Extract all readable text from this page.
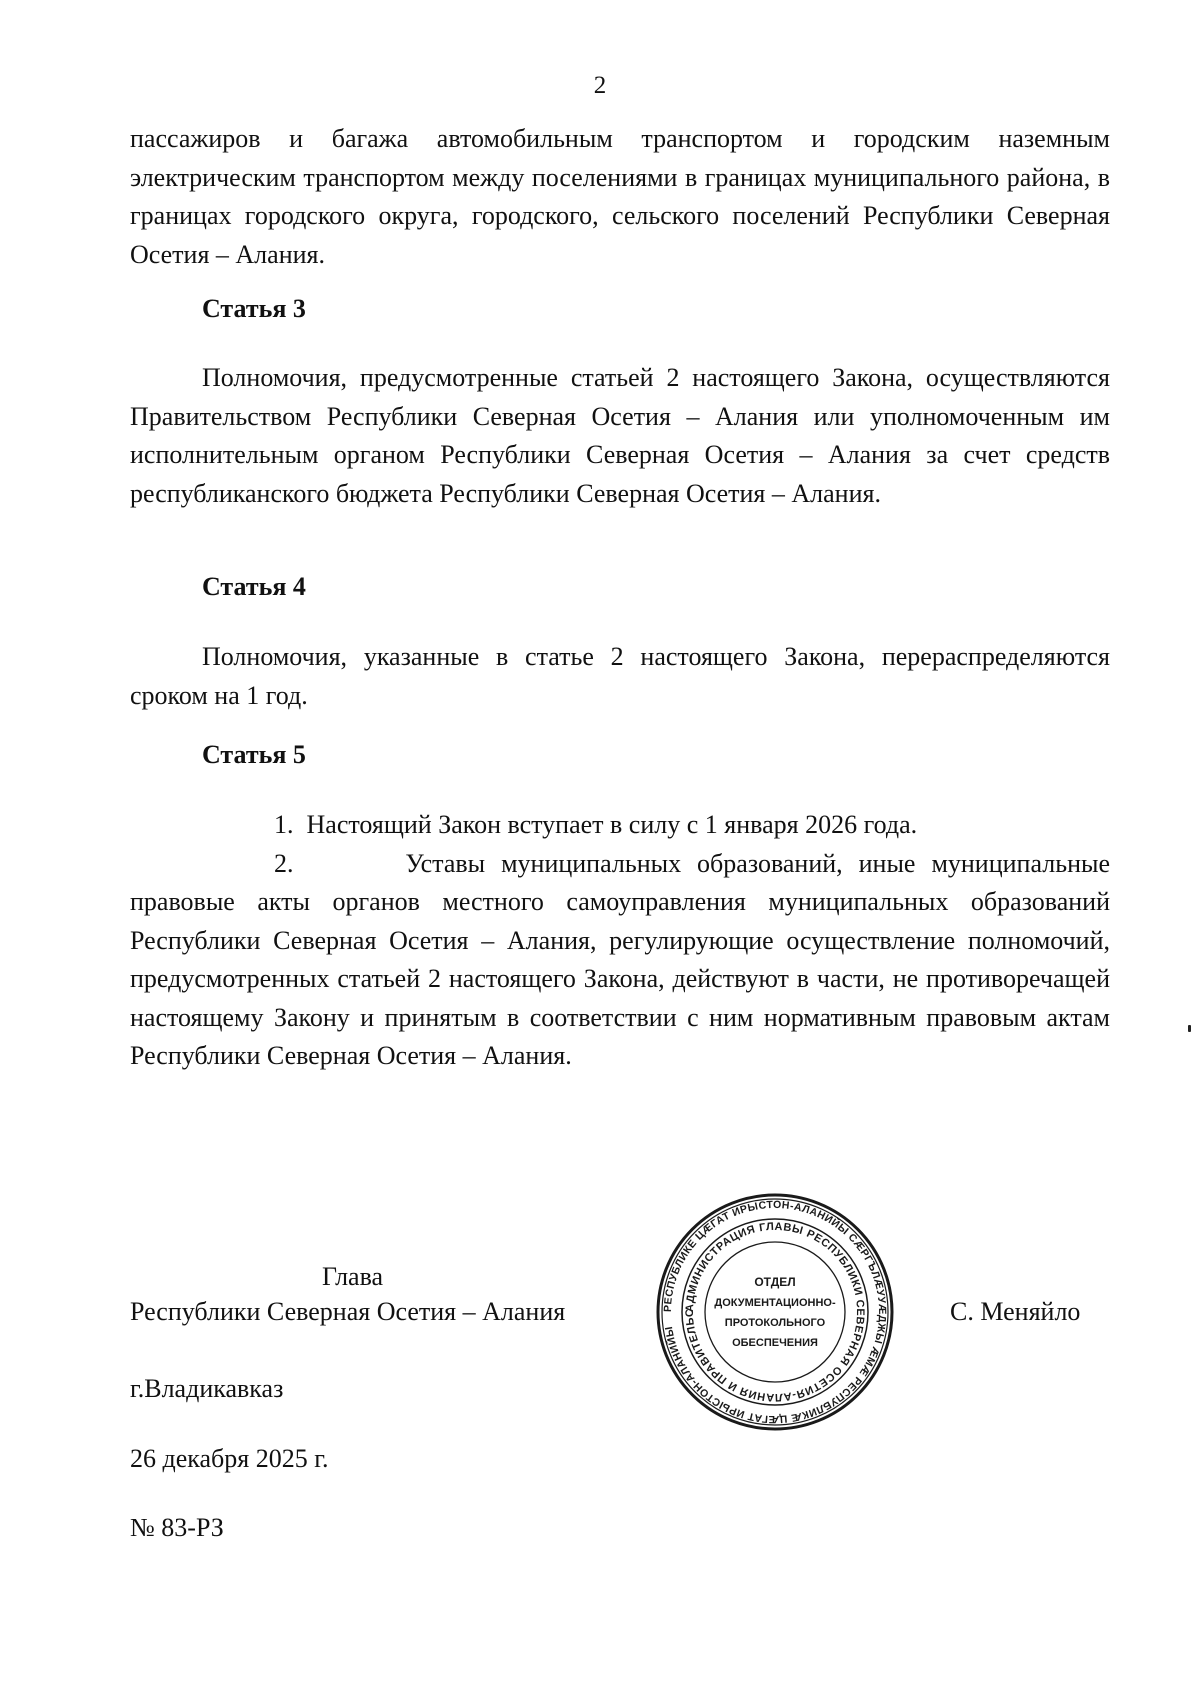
2

пассажиров и багажа автомобильным транспортом и городским наземным электрическим транспортом между поселениями в границах муниципального района, в границах городского округа, городского, сельского поселений Республики Северная Осетия – Алания.

Статья 3

Полномочия, предусмотренные статьей 2 настоящего Закона, осуществляются Правительством Республики Северная Осетия – Алания или уполномоченным им исполнительным органом Республики Северная Осетия – Алания за счет средств республиканского бюджета Республики Северная Осетия – Алания.

Статья 4

Полномочия, указанные в статье 2 настоящего Закона, перераспределяются сроком на 1 год.

Статья 5

1. Настоящий Закон вступает в силу с 1 января 2026 года.

2.	Уставы муниципальных образований, иные муниципальные правовые акты органов местного самоуправления муниципальных образований Республики Северная Осетия – Алания, регулирующие осуществление полномочий, предусмотренных статьей 2 настоящего Закона, действуют в части, не противоречащей настоящему Закону и принятым в соответствии с ним нормативным правовым актам Республики Северная Осетия – Алания.

Глава
Республики Северная Осетия – Алания	РЕСПУБЛИКЕ ЦӔГАТ ИРЫСТОН-АЛАНИЙЫ СӔРГЪЛӔУУӔДЖЫ ӔМӔ РЕСПУБЛИКӔ ЦӔГАТ ИРЫСТОН-АЛАНИЙЫ
АДМИНИСТРАЦИЯ ГЛАВЫ РЕСПУБЛИКИ СЕВЕРНАЯ ОСЕТИЯ-АЛАНИЯ И ПРАВИТЕЛЬС
ОТДЕЛ
ДОКУМЕНТАЦИОННО-
ПРОТОКОЛЬНОГО
ОБЕСПЕЧЕНИЯ
С. Меняйло
г.Владикавказ
26 декабря 2025 г.
№ 83-РЗ
